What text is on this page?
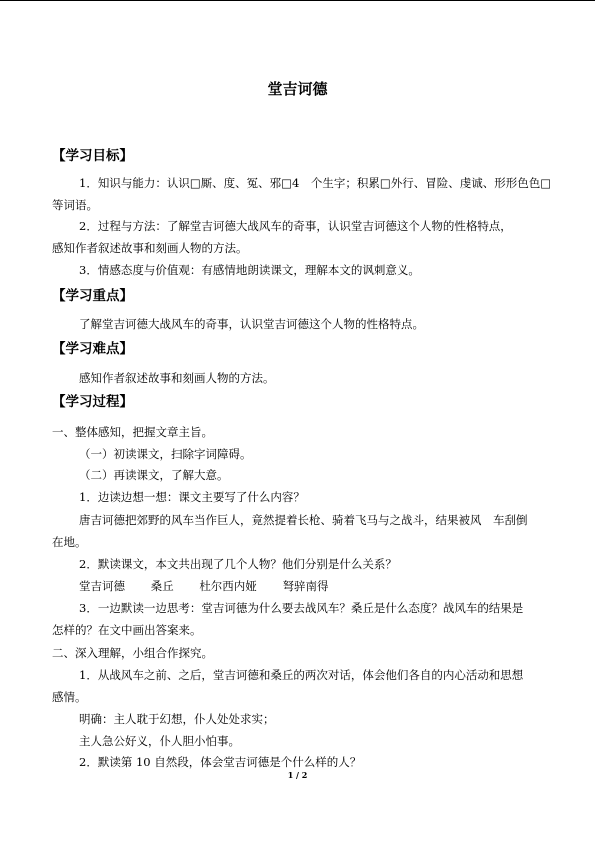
堂吉诃德
【学习目标】
1．知识与能力：认识□厮、度、冤、邪□4　个生字；积累□外行、冒险、虔诚、形形色色□
等词语。
2．过程与方法：了解堂吉诃德大战风车的奇事，认识堂吉诃德这个人物的性格特点，
感知作者叙述故事和刻画人物的方法。
3．情感态度与价值观：有感情地朗读课文，理解本文的讽刺意义。
【学习重点】
了解堂吉诃德大战风车的奇事，认识堂吉诃德这个人物的性格特点。
【学习难点】
感知作者叙述故事和刻画人物的方法。
【学习过程】
一、整体感知，把握文章主旨。
（一）初读课文，扫除字词障碍。
（二）再读课文，了解大意。
1．边读边想一想：课文主要写了什么内容？
唐吉诃德把郊野的风车当作巨人，竟然提着长枪、骑着飞马与之战斗，结果被风　车刮倒
在地。
2．默读课文，本文共出现了几个人物？他们分别是什么关系？
堂吉诃德 桑丘 杜尔西内娅 弩骍南得
3．一边默读一边思考：堂吉诃德为什么要去战风车？桑丘是什么态度？战风车的结果是
怎样的？在文中画出答案来。
二、深入理解，小组合作探究。
1．从战风车之前、之后，堂吉诃德和桑丘的两次对话，体会他们各自的内心活动和思想
感情。
明确：主人耽于幻想，仆人处处求实；
主人急公好义，仆人胆小怕事。
2．默读第 10 自然段，体会堂吉诃德是个什么样的人？
1 / 2
